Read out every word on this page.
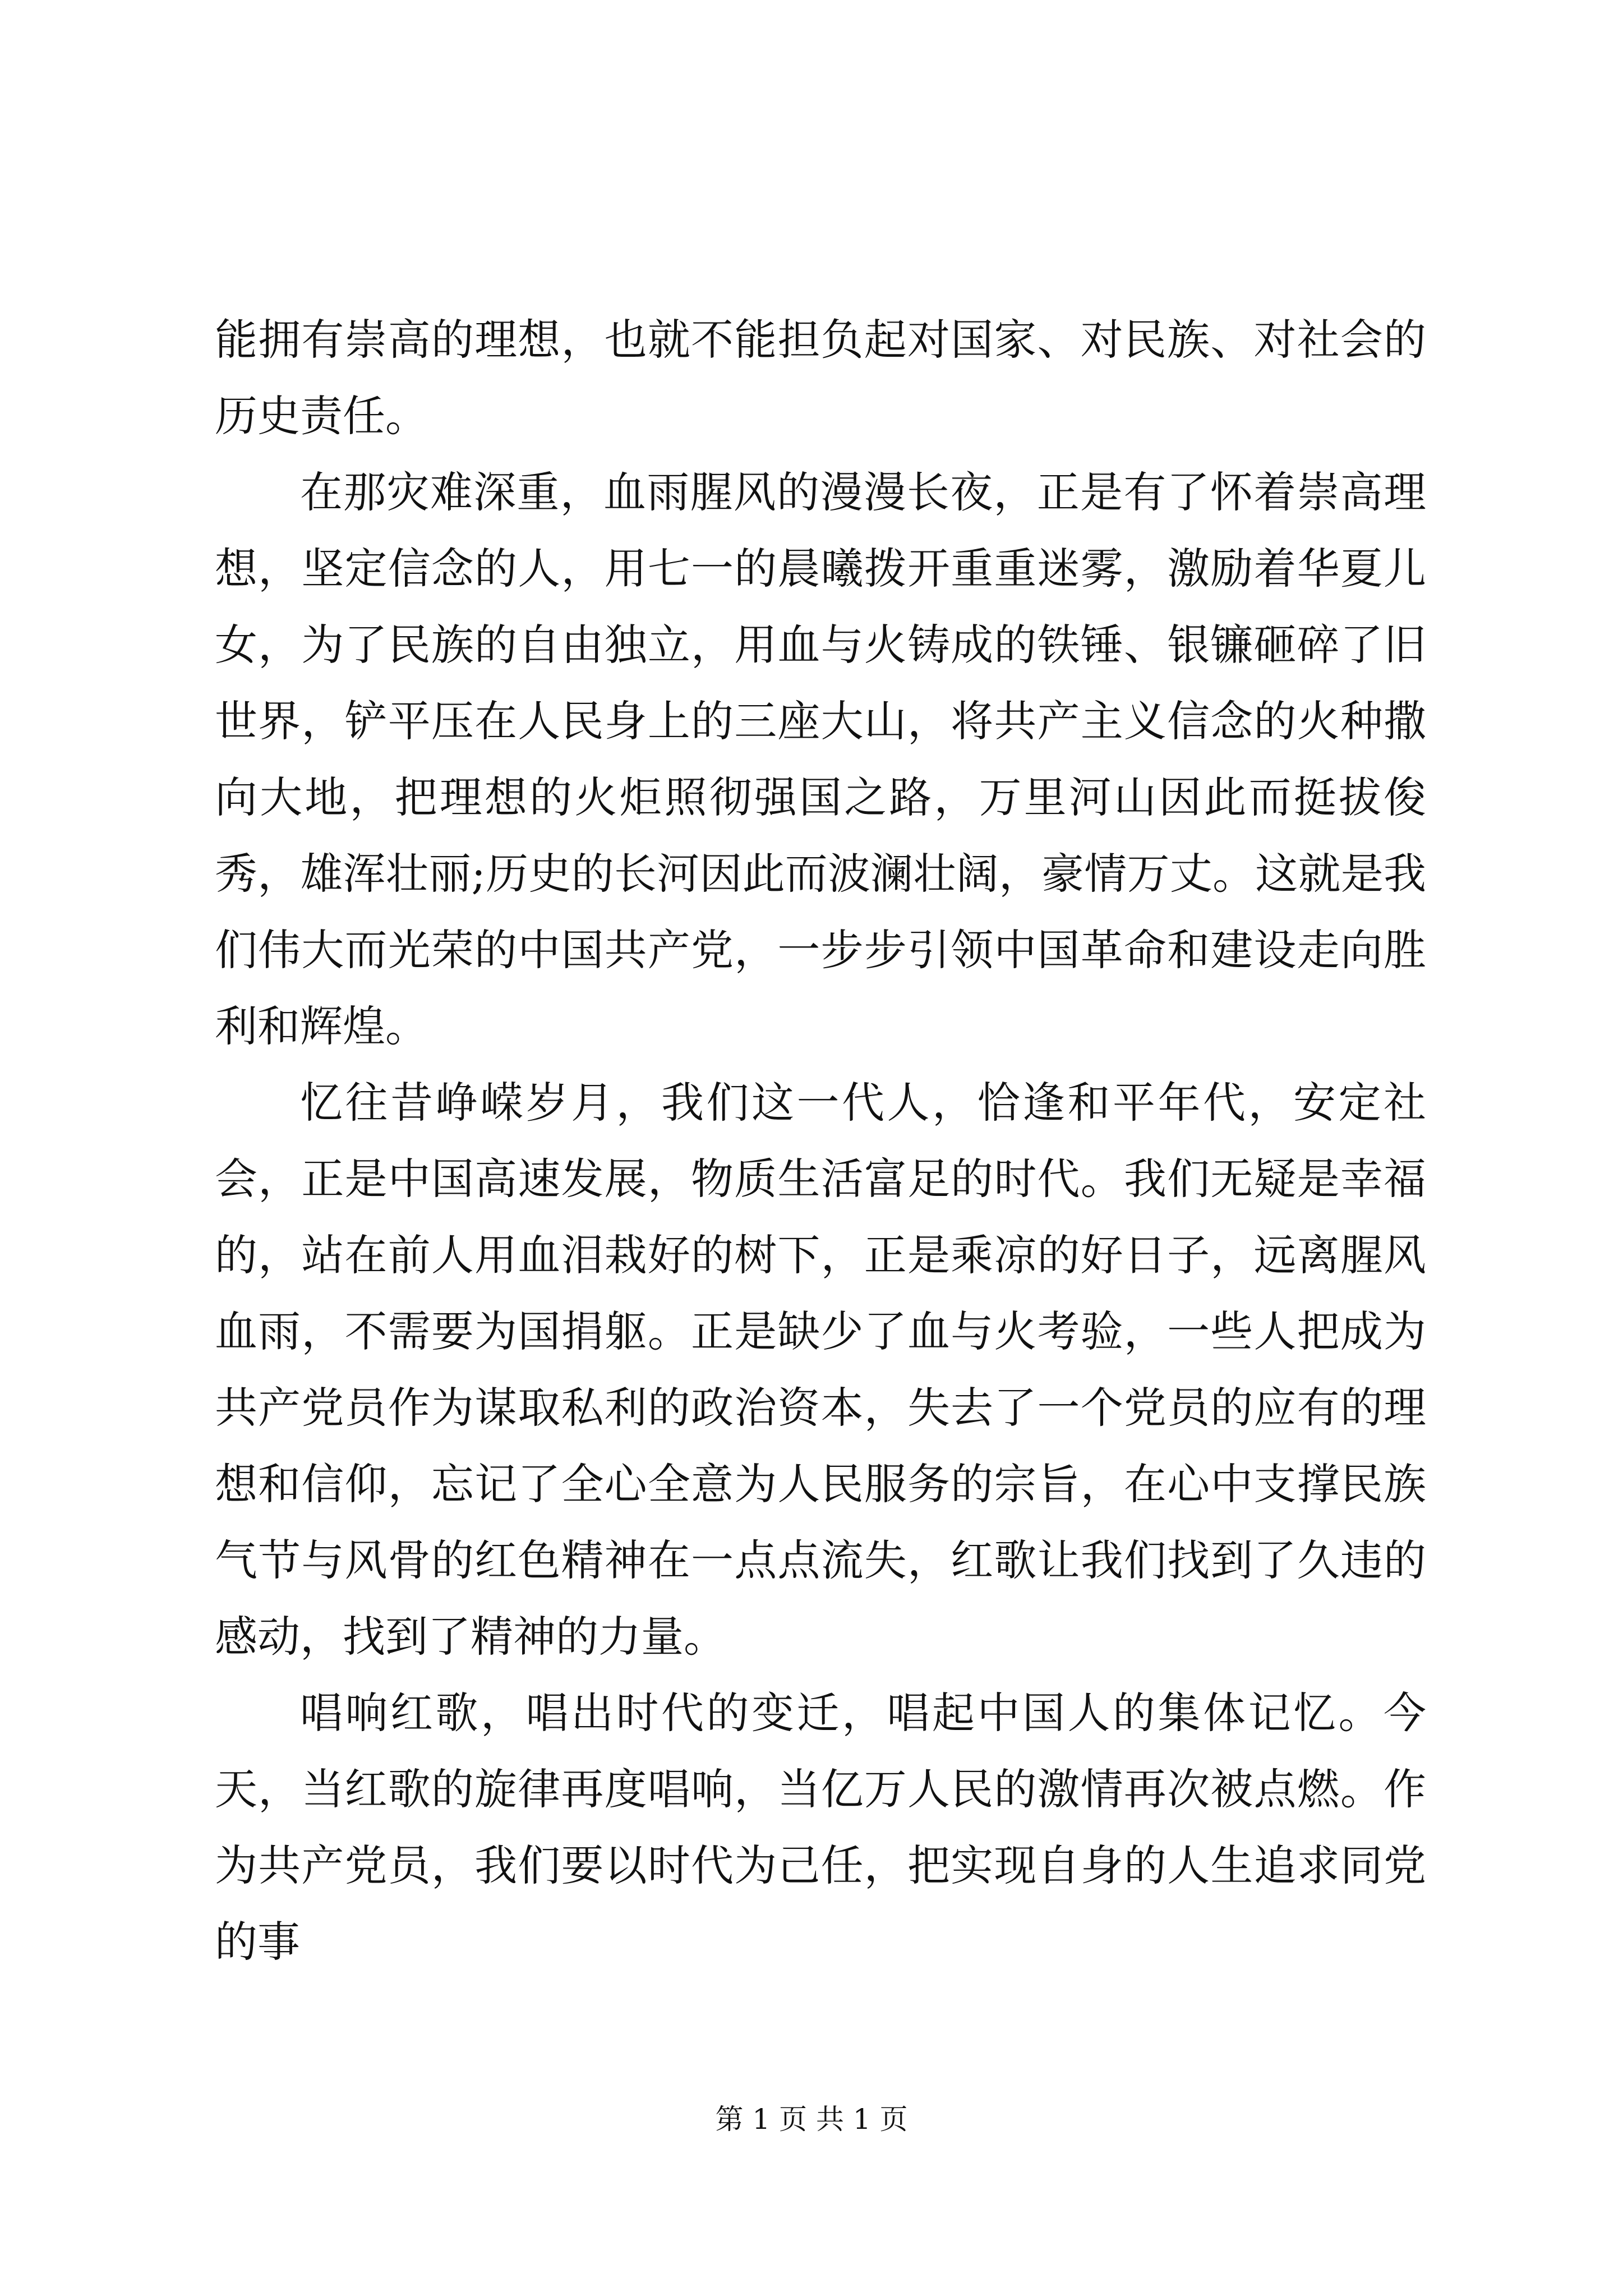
能拥有崇高的理想，也就不能担负起对国家、对民族、对社会的历史责任。

在那灾难深重，血雨腥风的漫漫长夜，正是有了怀着崇高理想，坚定信念的人，用七一的晨曦拨开重重迷雾，激励着华夏儿女，为了民族的自由独立，用血与火铸成的铁锤、银镰砸碎了旧世界，铲平压在人民身上的三座大山，将共产主义信念的火种撒向大地，把理想的火炬照彻强国之路，万里河山因此而挺拔俊秀，雄浑壮丽;历史的长河因此而波澜壮阔，豪情万丈。这就是我们伟大而光荣的中国共产党，一步步引领中国革命和建设走向胜利和辉煌。

忆往昔峥嵘岁月，我们这一代人，恰逢和平年代，安定社会，正是中国高速发展，物质生活富足的时代。我们无疑是幸福的，站在前人用血泪栽好的树下，正是乘凉的好日子，远离腥风血雨，不需要为国捐躯。正是缺少了血与火考验，一些人把成为共产党员作为谋取私利的政治资本，失去了一个党员的应有的理想和信仰，忘记了全心全意为人民服务的宗旨，在心中支撑民族气节与风骨的红色精神在一点点流失，红歌让我们找到了久违的感动，找到了精神的力量。

唱响红歌，唱出时代的变迁，唱起中国人的集体记忆。今天，当红歌的旋律再度唱响，当亿万人民的激情再次被点燃。作为共产党员，我们要以时代为己任，把实现自身的人生追求同党的事

第 1 页 共 1 页
